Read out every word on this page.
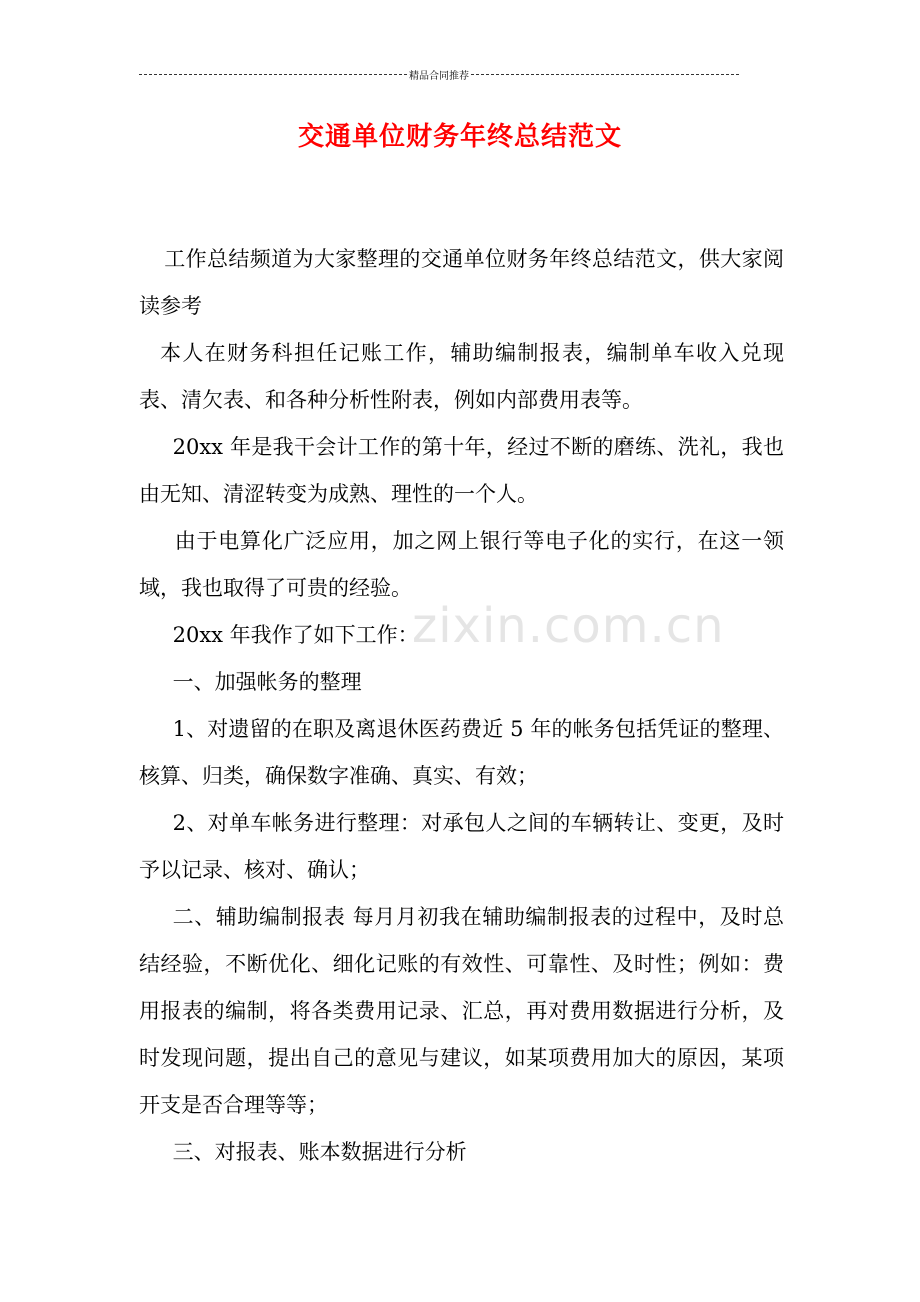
精品合同推荐
交通单位财务年终总结范文

工作总结频道为大家整理的交通单位财务年终总结范文，供大家阅读参考

本人在财务科担任记账工作，辅助编制报表，编制单车收入兑现表、清欠表、和各种分析性附表，例如内部费用表等。

20xx 年是我干会计工作的第十年，经过不断的磨练、洗礼，我也由无知、清涩转变为成熟、理性的一个人。

由于电算化广泛应用，加之网上银行等电子化的实行，在这一领域，我也取得了可贵的经验。

20xx 年我作了如下工作：

一、加强帐务的整理

1、对遗留的在职及离退休医药费近 5 年的帐务包括凭证的整理、核算、归类，确保数字准确、真实、有效；

2、对单车帐务进行整理：对承包人之间的车辆转让、变更，及时予以记录、核对、确认；

二、辅助编制报表 每月月初我在辅助编制报表的过程中，及时总结经验，不断优化、细化记账的有效性、可靠性、及时性；例如：费用报表的编制，将各类费用记录、汇总，再对费用数据进行分析，及时发现问题，提出自己的意见与建议，如某项费用加大的原因，某项开支是否合理等等；

三、对报表、账本数据进行分析

zixin.com.cn
